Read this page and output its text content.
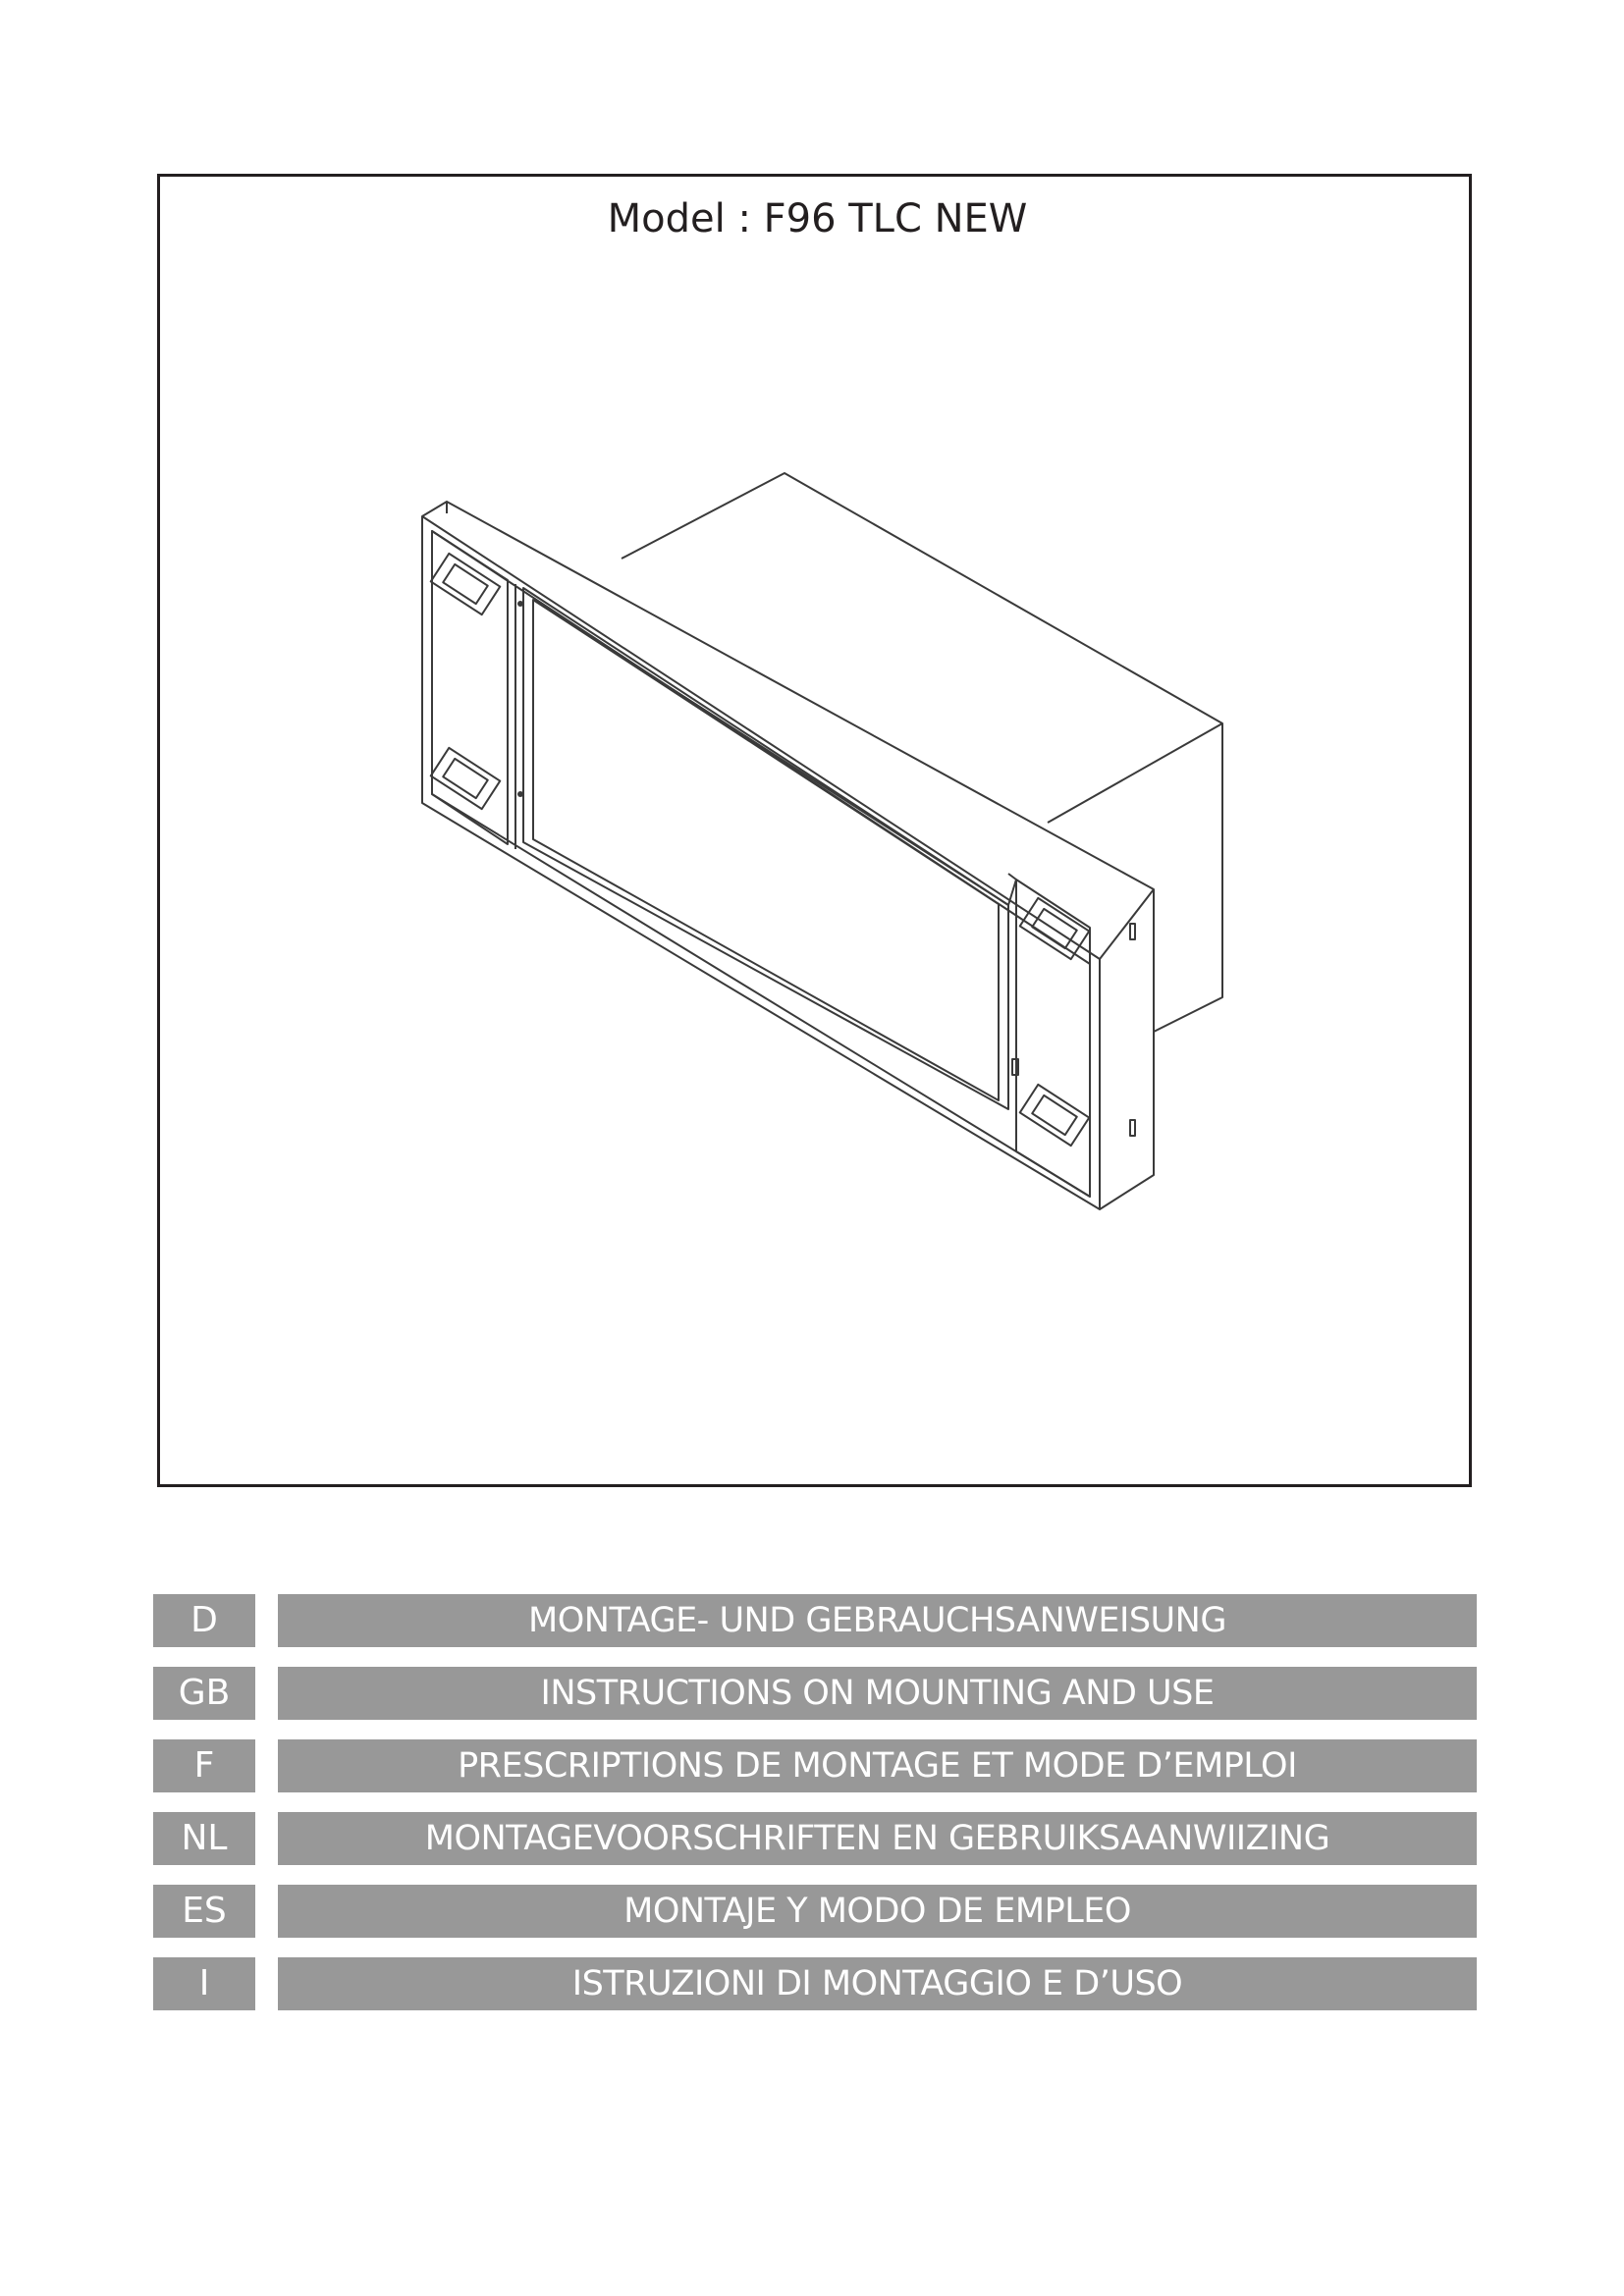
Model : F96 TLC NEW
D	MONTAGE- UND GEBRAUCHSANWEISUNG
GB	INSTRUCTIONS ON MOUNTING AND USE
F	PRESCRIPTIONS DE MONTAGE ET MODE D’EMPLOI
NL	MONTAGEVOORSCHRIFTEN EN GEBRUIKSAANWIIZING
ES	MONTAJE Y MODO DE EMPLEO
I	ISTRUZIONI DI MONTAGGIO E D’USO
